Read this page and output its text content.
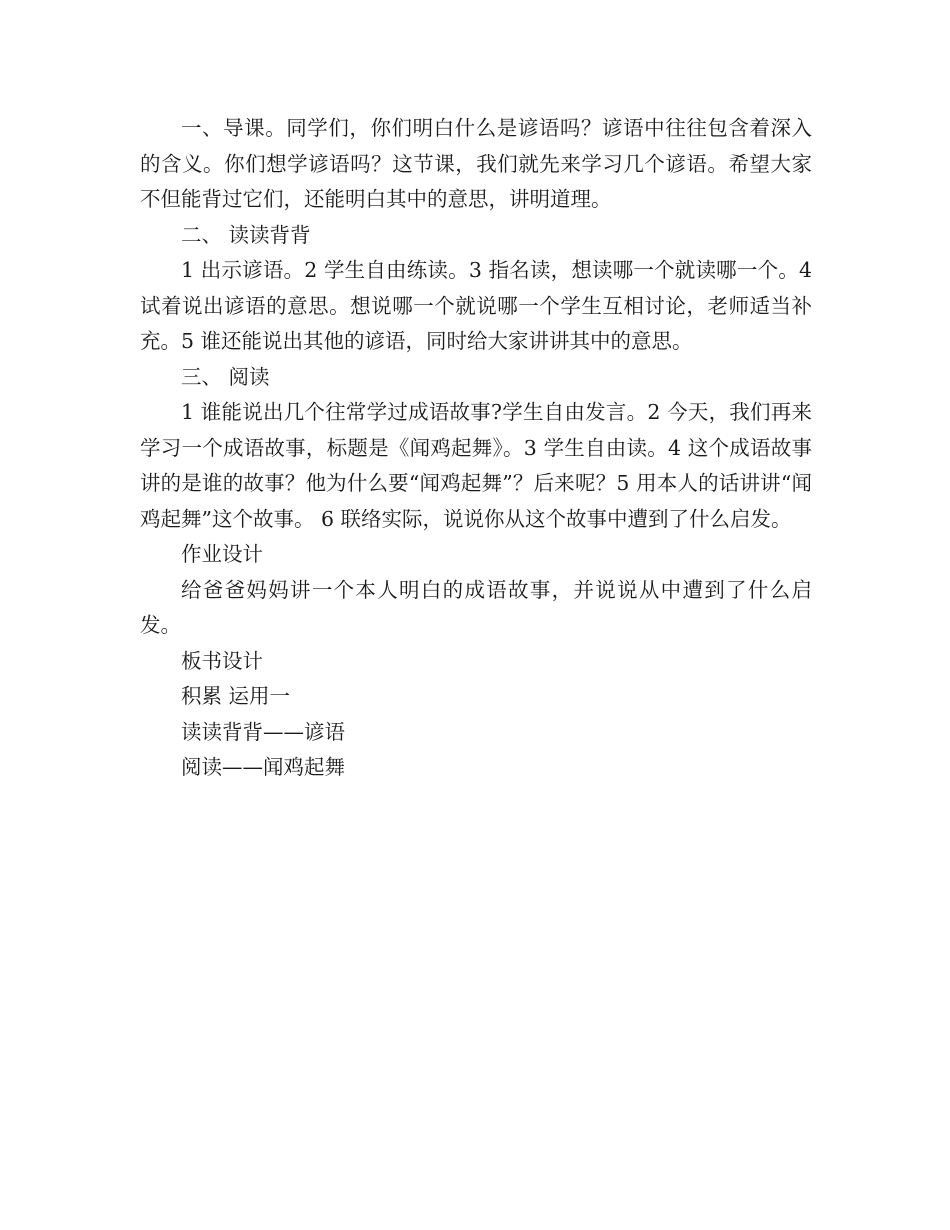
一、导课。同学们，你们明白什么是谚语吗？谚语中往往包含着深入的含义。你们想学谚语吗？这节课，我们就先来学习几个谚语。希望大家不但能背过它们，还能明白其中的意思，讲明道理。

二、 读读背背

1 出示谚语。2 学生自由练读。3 指名读，想读哪一个就读哪一个。4 试着说出谚语的意思。想说哪一个就说哪一个学生互相讨论，老师适当补充。5 谁还能说出其他的谚语，同时给大家讲讲其中的意思。

三、 阅读

1 谁能说出几个往常学过成语故事?学生自由发言。2 今天，我们再来学习一个成语故事，标题是《闻鸡起舞》。3 学生自由读。4 这个成语故事讲的是谁的故事？他为什么要“闻鸡起舞”？后来呢？5 用本人的话讲讲“闻鸡起舞”这个故事。 6 联络实际，说说你从这个故事中遭到了什么启发。

作业设计

给爸爸妈妈讲一个本人明白的成语故事，并说说从中遭到了什么启发。

板书设计

积累 运用一

读读背背——谚语

阅读——闻鸡起舞
